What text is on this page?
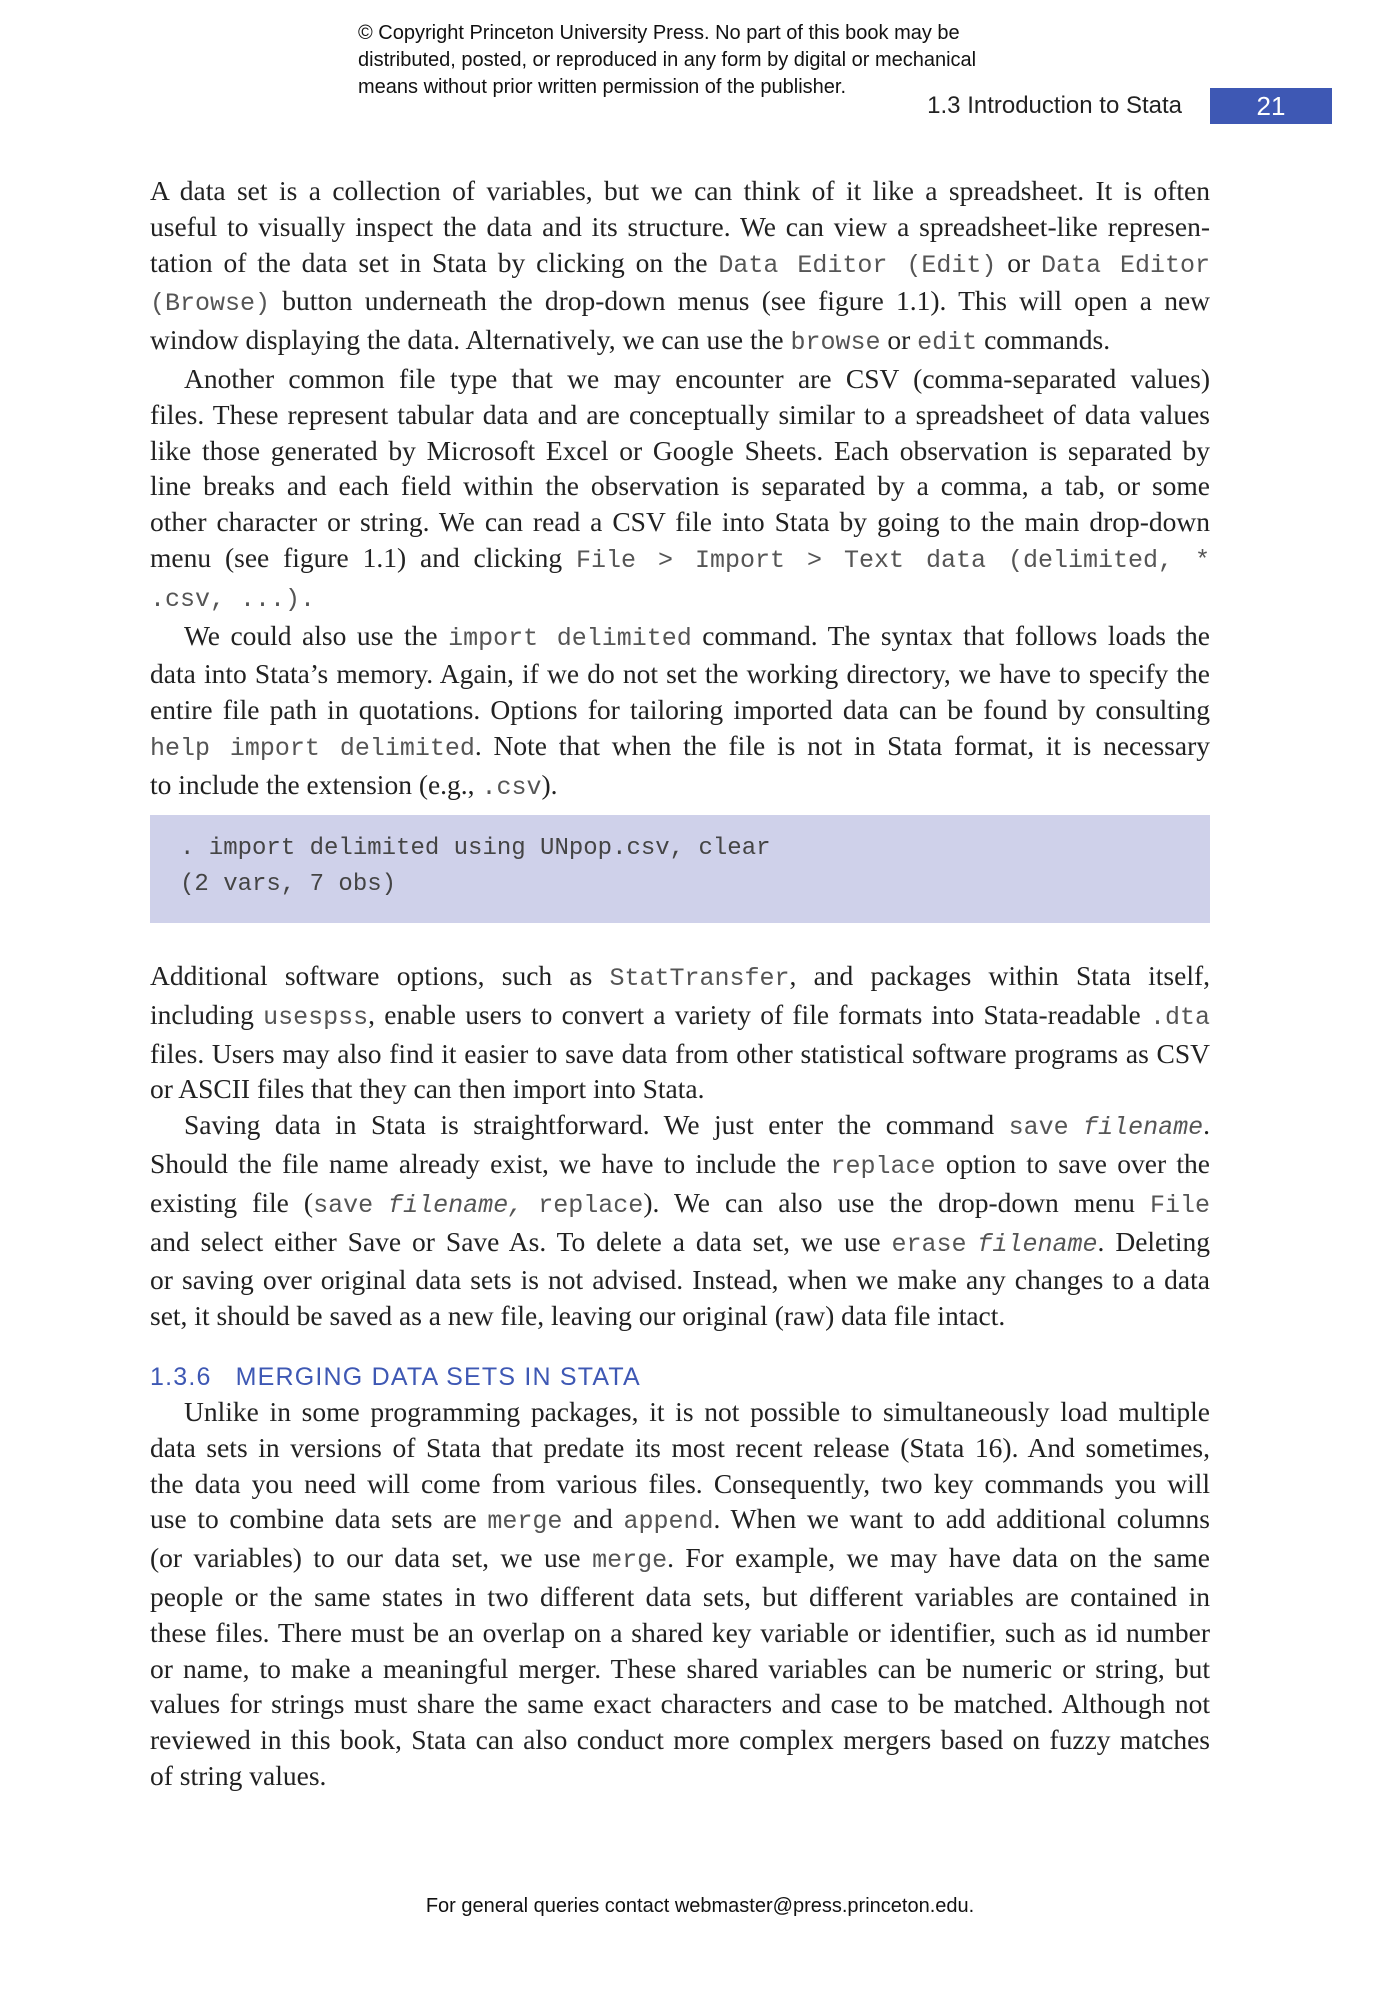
© Copyright Princeton University Press. No part of this book may be
distributed, posted, or reproduced in any form by digital or mechanical
means without prior written permission of the publisher.
1.3 Introduction to Stata	21

A data set is a collection of variables, but we can think of it like a spreadsheet. It is often
useful to visually inspect the data and its structure. We can view a spreadsheet-like represen-
tation of the data set in Stata by clicking on the Data Editor (Edit) or Data Editor
(Browse) button underneath the drop-down menus (see figure 1.1). This will open a new
window displaying the data. Alternatively, we can use the browse or edit commands.

Another common file type that we may encounter are CSV (comma-separated values)
files. These represent tabular data and are conceptually similar to a spreadsheet of data values
like those generated by Microsoft Excel or Google Sheets. Each observation is separated by
line breaks and each field within the observation is separated by a comma, a tab, or some
other character or string. We can read a CSV file into Stata by going to the main drop-down
menu (see figure 1.1) and clicking File > Import > Text data (delimited, *
.csv, ...).

We could also use the import delimited command. The syntax that follows loads the
data into Stata’s memory. Again, if we do not set the working directory, we have to specify the
entire file path in quotations. Options for tailoring imported data can be found by consulting
help import delimited. Note that when the file is not in Stata format, it is necessary
to include the extension (e.g., .csv).

. import delimited using UNpop.csv, clear
(2 vars, 7 obs)

Additional software options, such as StatTransfer, and packages within Stata itself,
including usespss, enable users to convert a variety of file formats into Stata-readable .dta
files. Users may also find it easier to save data from other statistical software programs as CSV
or ASCII files that they can then import into Stata.

Saving data in Stata is straightforward. We just enter the command save filename.
Should the file name already exist, we have to include the replace option to save over the
existing file (save filename, replace). We can also use the drop-down menu File
and select either Save or Save As. To delete a data set, we use erase filename. Deleting
or saving over original data sets is not advised. Instead, when we make any changes to a data
set, it should be saved as a new file, leaving our original (raw) data file intact.

1.3.6 MERGING DATA SETS IN STATA

Unlike in some programming packages, it is not possible to simultaneously load multiple
data sets in versions of Stata that predate its most recent release (Stata 16). And sometimes,
the data you need will come from various files. Consequently, two key commands you will
use to combine data sets are merge and append. When we want to add additional columns
(or variables) to our data set, we use merge. For example, we may have data on the same
people or the same states in two different data sets, but different variables are contained in
these files. There must be an overlap on a shared key variable or identifier, such as id number
or name, to make a meaningful merger. These shared variables can be numeric or string, but
values for strings must share the same exact characters and case to be matched. Although not
reviewed in this book, Stata can also conduct more complex mergers based on fuzzy matches
of string values.

For general queries contact webmaster@press.princeton.edu.
